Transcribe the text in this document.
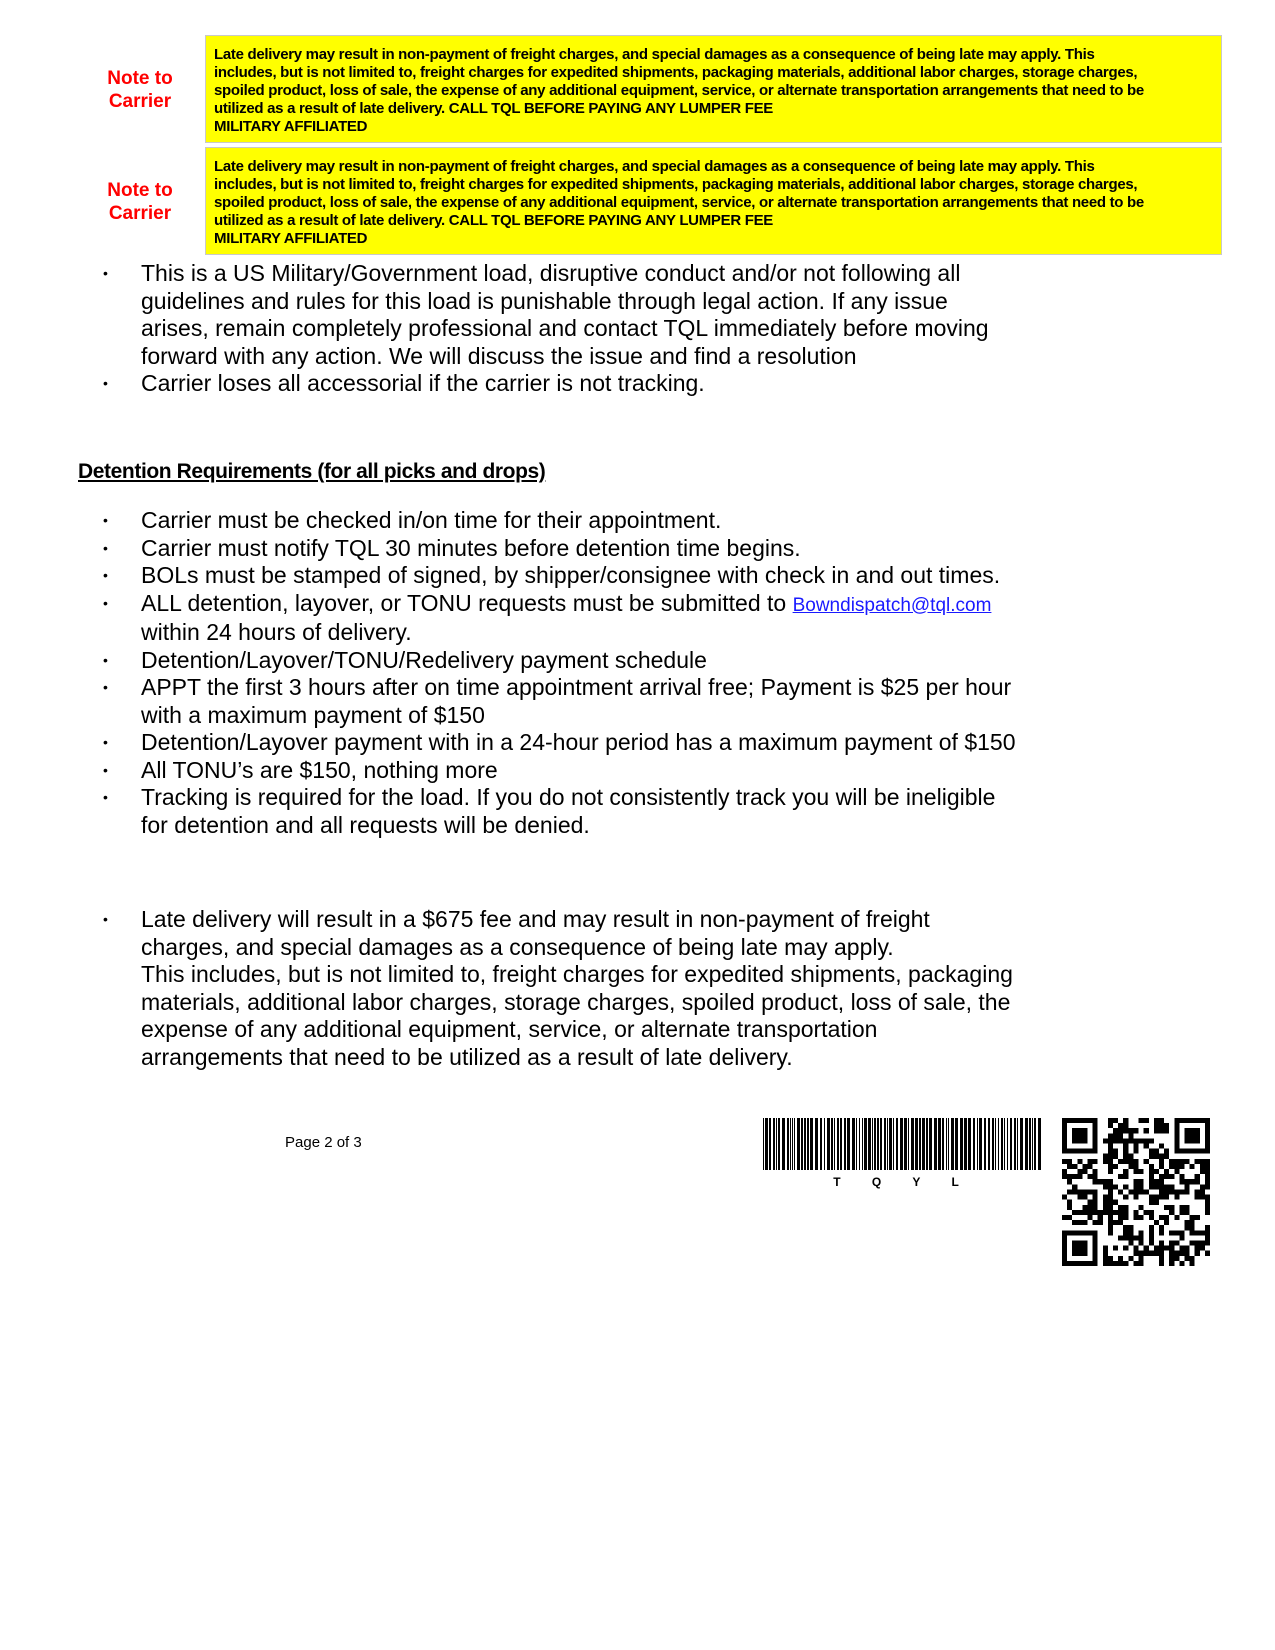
Note to
Carrier
Late delivery may result in non-payment of freight charges, and special damages as a consequence of being late may apply. This
includes, but is not limited to, freight charges for expedited shipments, packaging materials, additional labor charges, storage charges,
spoiled product, loss of sale, the expense of any additional equipment, service, or alternate transportation arrangements that need to be
utilized as a result of late delivery. CALL TQL BEFORE PAYING ANY LUMPER FEE
MILITARY AFFILIATED
Note to
Carrier
Late delivery may result in non-payment of freight charges, and special damages as a consequence of being late may apply. This
includes, but is not limited to, freight charges for expedited shipments, packaging materials, additional labor charges, storage charges,
spoiled product, loss of sale, the expense of any additional equipment, service, or alternate transportation arrangements that need to be
utilized as a result of late delivery. CALL TQL BEFORE PAYING ANY LUMPER FEE
MILITARY AFFILIATED
• This is a US Military/Government load, disruptive conduct and/or not following all
guidelines and rules for this load is punishable through legal action. If any issue
arises, remain completely professional and contact TQL immediately before moving
forward with any action. We will discuss the issue and find a resolution
• Carrier loses all accessorial if the carrier is not tracking.
Detention Requirements (for all picks and drops)
• Carrier must be checked in/on time for their appointment.
• Carrier must notify TQL 30 minutes before detention time begins.
• BOLs must be stamped of signed, by shipper/consignee with check in and out times.
• ALL detention, layover, or TONU requests must be submitted to Bowndispatch@tql.com
within 24 hours of delivery.
• Detention/Layover/TONU/Redelivery payment schedule
• APPT the first 3 hours after on time appointment arrival free; Payment is $25 per hour
with a maximum payment of $150
• Detention/Layover payment with in a 24-hour period has a maximum payment of $150
• All TONU’s are $150, nothing more
• Tracking is required for the load. If you do not consistently track you will be ineligible
for detention and all requests will be denied.
• Late delivery will result in a $675 fee and may result in non-payment of freight
charges, and special damages as a consequence of being late may apply.
This includes, but is not limited to, freight charges for expedited shipments, packaging
materials, additional labor charges, storage charges, spoiled product, loss of sale, the
expense of any additional equipment, service, or alternate transportation
arrangements that need to be utilized as a result of late delivery.
Page 2 of 3
T Q Y L
